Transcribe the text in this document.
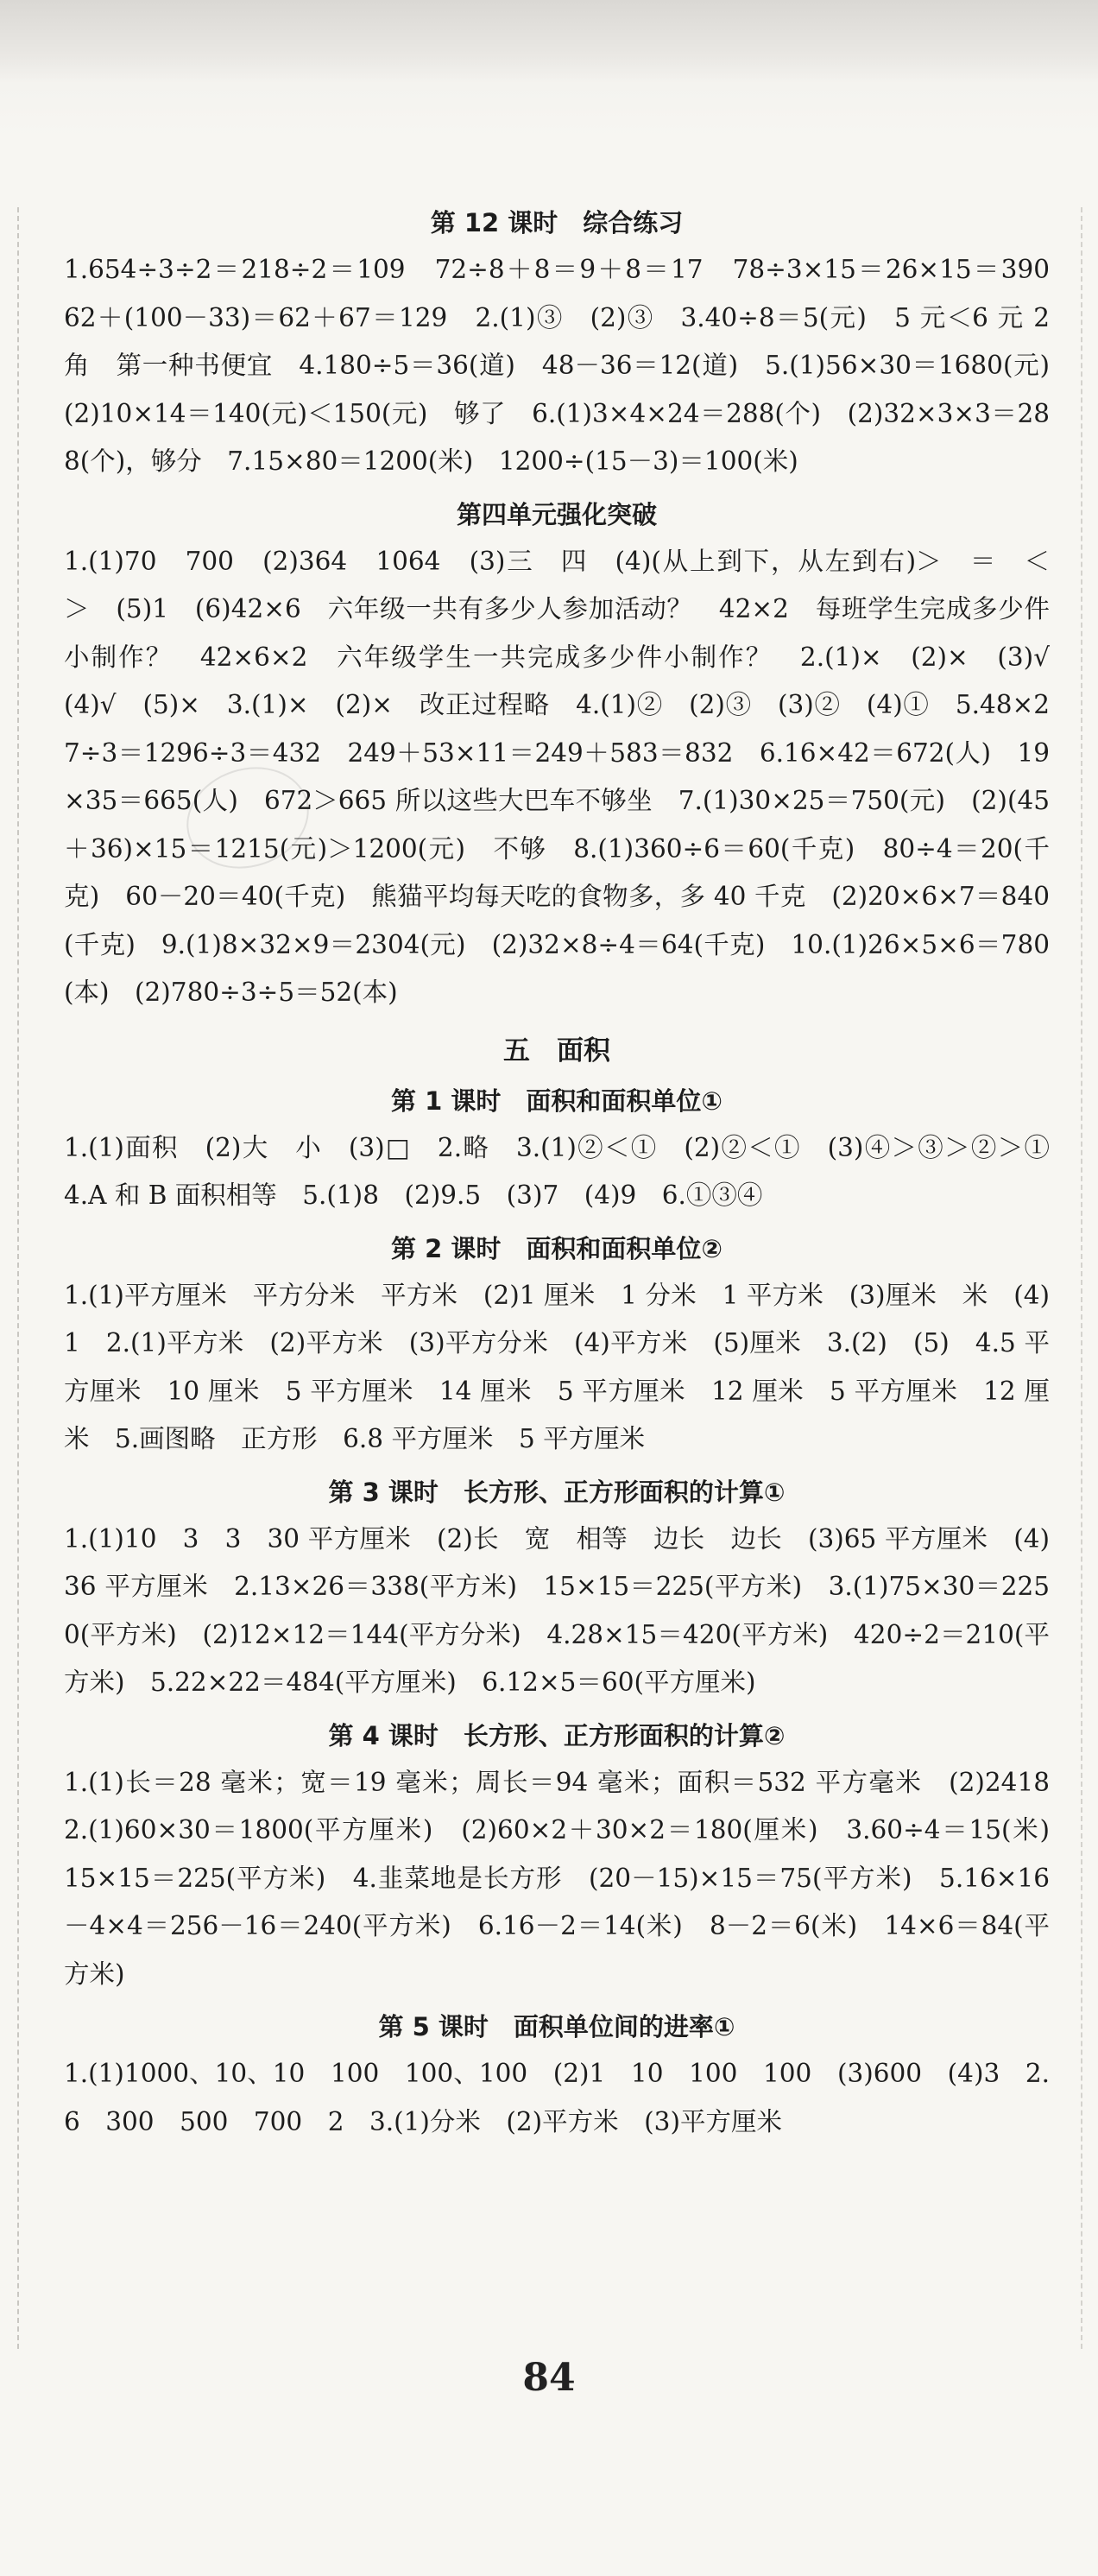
第 12 课时　综合练习

1.654÷3÷2＝218÷2＝109　72÷8＋8＝9＋8＝17　78÷3×15＝26×15＝390　62＋(100－33)＝62＋67＝129　2.(1)③　(2)③　3.40÷8＝5(元)　5 元＜6 元 2 角　第一种书便宜　4.180÷5＝36(道)　48－36＝12(道)　5.(1)56×30＝1680(元)　(2)10×14＝140(元)＜150(元)　够了　6.(1)3×4×24＝288(个)　(2)32×3×3＝288(个)，够分　7.15×80＝1200(米)　1200÷(15－3)＝100(米)

第四单元强化突破

1.(1)70　700　(2)364　1064　(3)三　四　(4)(从上到下，从左到右)＞　＝　＜　＞　(5)1　(6)42×6　六年级一共有多少人参加活动？　42×2　每班学生完成多少件小制作？　42×6×2　六年级学生一共完成多少件小制作？　2.(1)×　(2)×　(3)√　(4)√　(5)×　3.(1)×　(2)×　改正过程略　4.(1)②　(2)③　(3)②　(4)①　5.48×27÷3＝1296÷3＝432　249＋53×11＝249＋583＝832　6.16×42＝672(人)　19×35＝665(人)　672＞665 所以这些大巴车不够坐　7.(1)30×25＝750(元)　(2)(45＋36)×15＝1215(元)＞1200(元)　不够　8.(1)360÷6＝60(千克)　80÷4＝20(千克)　60－20＝40(千克)　熊猫平均每天吃的食物多，多 40 千克　(2)20×6×7＝840(千克)　9.(1)8×32×9＝2304(元)　(2)32×8÷4＝64(千克)　10.(1)26×5×6＝780(本)　(2)780÷3÷5＝52(本)

五　面积
第 1 课时　面积和面积单位①

1.(1)面积　(2)大　小　(3)□　2.略　3.(1)②＜①　(2)②＜①　(3)④＞③＞②＞①　4.A 和 B 面积相等　5.(1)8　(2)9.5　(3)7　(4)9　6.①③④

第 2 课时　面积和面积单位②

1.(1)平方厘米　平方分米　平方米　(2)1 厘米　1 分米　1 平方米　(3)厘米　米　(4)1　2.(1)平方米　(2)平方米　(3)平方分米　(4)平方米　(5)厘米　3.(2)　(5)　4.5 平方厘米　10 厘米　5 平方厘米　14 厘米　5 平方厘米　12 厘米　5 平方厘米　12 厘米　5.画图略　正方形　6.8 平方厘米　5 平方厘米

第 3 课时　长方形、正方形面积的计算①

1.(1)10　3　3　30 平方厘米　(2)长　宽　相等　边长　边长　(3)65 平方厘米　(4)36 平方厘米　2.13×26＝338(平方米)　15×15＝225(平方米)　3.(1)75×30＝2250(平方米)　(2)12×12＝144(平方分米)　4.28×15＝420(平方米)　420÷2＝210(平方米)　5.22×22＝484(平方厘米)　6.12×5＝60(平方厘米)

第 4 课时　长方形、正方形面积的计算②

1.(1)长＝28 毫米；宽＝19 毫米；周长＝94 毫米；面积＝532 平方毫米　(2)2418　2.(1)60×30＝1800(平方厘米)　(2)60×2＋30×2＝180(厘米)　3.60÷4＝15(米)　15×15＝225(平方米)　4.韭菜地是长方形　(20－15)×15＝75(平方米)　5.16×16－4×4＝256－16＝240(平方米)　6.16－2＝14(米)　8－2＝6(米)　14×6＝84(平方米)

第 5 课时　面积单位间的进率①

1.(1)1000、10、10　100　100、100　(2)1　10　100　100　(3)600　(4)3　2.6　300　500　700　2　3.(1)分米　(2)平方米　(3)平方厘米

84
